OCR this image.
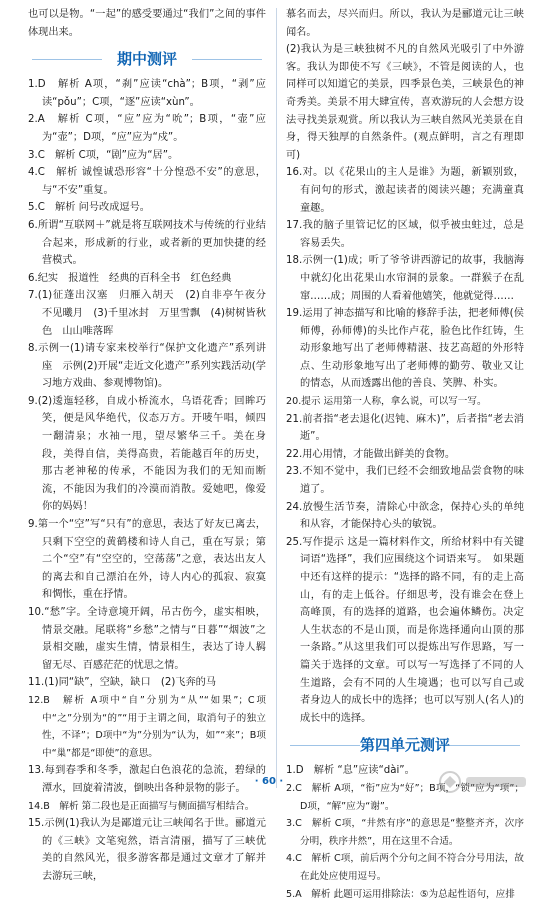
也可以是物。“一起”的感受要通过“我们”之间的事件体现出来。

期中测评

1.D　解析 A项，“刹”应读“chà”；B项，“剥”应读“pǒu”；C项，“逐”应读“xùn”。

2.A　解析 C项，“应”应为“吮”；B项，“壶”应为“壶”；D项，“应”应为“戍”。

3.C　解析 C项，“剧”应为“居”。

4.C　解析 诚惶诚恐形容“十分惶恐不安”的意思，与“不安”重复。

5.C　解析 问号改成逗号。

6.所谓“互联网＋”就是将互联网技术与传统的行业结合起来，形成新的行业，或者新的更加快捷的经营模式。

6.纪实　报道性　经典的百科全书　红色经典

7.(1)征蓬出汉塞　归雁入胡天　(2)自非亭午夜分　不见曦月　(3)千里冰封　万里雪飘　(4)树树皆秋色　山山唯落晖

8.示例一(1)请专家来校举行“保护文化遗产”系列讲座　示例(2)开展“走近文化遗产”系列实践活动(学习地方戏曲、参观博物馆)。

9.(2)逶迤轻移，自成小桥流水，乌语花香；回眸巧笑，便是风华绝代，仪态万方。开唛午唱，倾四一翻清泉；水袖一甩，望尽繁华三千。美在身段，美得自信，美得高贵，若能越百年的历史，那古老神秘的传承，不能因为我们的无知而断流，不能因为我们的冷漠而消散。爱她吧，像爱你的妈妈！

9.第一个“空”写“只有”的意思，表达了好友已离去，只剩下空空的黄鹤楼和诗人自己，重在写景；第二个“空”有“空空的，空荡荡”之意，表达出友人的离去和自己漂泊在外，诗人内心的孤寂、寂寞和惆怅，重在抒情。

10.“愁”字。全诗意境开阔，吊古伤今，虚实相映，情景交融。尾联将“乡愁”之情与“日暮”“烟波”之景相交融，虚实生情，情景相生，表达了诗人羁留无尽、百感茫茫的忧思之情。

11.(1)同“缺”，空缺，缺口　(2)飞奔的马

12.B　解析 A项中“自”分别为“从”“如果”；C项中“之”分别为“的”“用于主谓之间，取消句子的独立性，不译”；D项中“为”分别为“认为，如”“来”；B项中“巢”都是“即使”的意思。

13.每到春季和冬季，激起白色浪花的急流，碧绿的潭水，回旋着清波，倒映出各种景物的影子。

14.B　解析 第二段也是正面描写与侧面描写相结合。

15.示例(1)我认为是鄙道元让三峡闻名于世。郦道元的《三峡》文笔宛然，语言清丽，描写了三峡优美的自然风光，很多游客都是通过文章才了解并去游玩三峡，

慕名而去，尽兴而归。所以，我认为是郦道元让三峡闻名。

(2)我认为是三峡独树不凡的自然风光吸引了中外游客。我认为即使不写《三峡》，不管是阅读的人，也同样可以知道它的美景，四季景色美，三峡景色的神奇秀美。美景不用大肆宣传，喜欢游玩的人会想方设法寻找美景观赏。所以我认为三峡自然风光美景在自身，得天独厚的自然条件。(观点鲜明，言之有理即可)

16.对。以《花果山的主人是谁》为题，新颖别致，有问句的形式，激起读者的阅读兴趣；充满童真童趣。

17.我的脑子里管记忆的区域，似乎被虫蛀过，总是容易丢失。

18.示例一(1)成；听了爷爷讲西游记的故事，我脑海中就幻化出花果山水帘洞的景象。一群猴子在乱窜……成；周围的人看着他嬉笑，他就觉得……

19.运用了神态描写和比喻的修辞手法，把老师傅(侯师傅，孙师傅)的头比作卢花，脸色比作红铸，生动形象地写出了老师傅精湛、技艺高超的外形特点、生动形象地写出了老师傅的勤劳、敬业又让的情态，从而透露出他的善良、笑脾、朴实。

20.提示 运用第一人称，拿么说，可以写一写。

21.前者指“老去退化(迟钝、麻木)”，后者指“老去消逝”。

22.用心用情，才能做出鲜美的食物。

23.不知不觉中，我们已经不会细致地品尝食物的味道了。

24.放慢生活节奏，清除心中欲念，保持心头的单纯和从容，才能保持心头的敏锐。

25.写作提示 这是一篇材料作文，所给材料中有关键词语“选择”，我们应围绕这个词语来写。　如果题中还有这样的提示：“选择的路不同，有的走上高山，有的走上低谷。仔细思考，没有谁会在登上高峰顶，有的选择的道路，也会遍体鳞伤。决定人生状态的不是山顶，而是你选择通向山顶的那一条路。”从这里我们可以提炼出写作思路，写一篇关于选择的文章。可以写一写选择了不同的人生道路，会有不同的人生境遇；也可以写自己或者身边人的成长中的选择；也可以写别人(名人)的成长中的选择。

第四单元测评

1.D　解析 “息”应读“dài”。

2.C　解析 A项，“衔”应为“好”；B项，“锁”应为“项”；D项，“解”应为“谢”。

3.C　解析 C项，“井然有序”的意思是“整整齐齐，次序分明，秩序井然”，用在这里不合适。

4.C　解析 C项，前后两个分句之间不符合分号用法，故在此处应使用逗号。

5.A　解析 此题可运用排除法：⑤为总起性语句，应排

· 60 ·
